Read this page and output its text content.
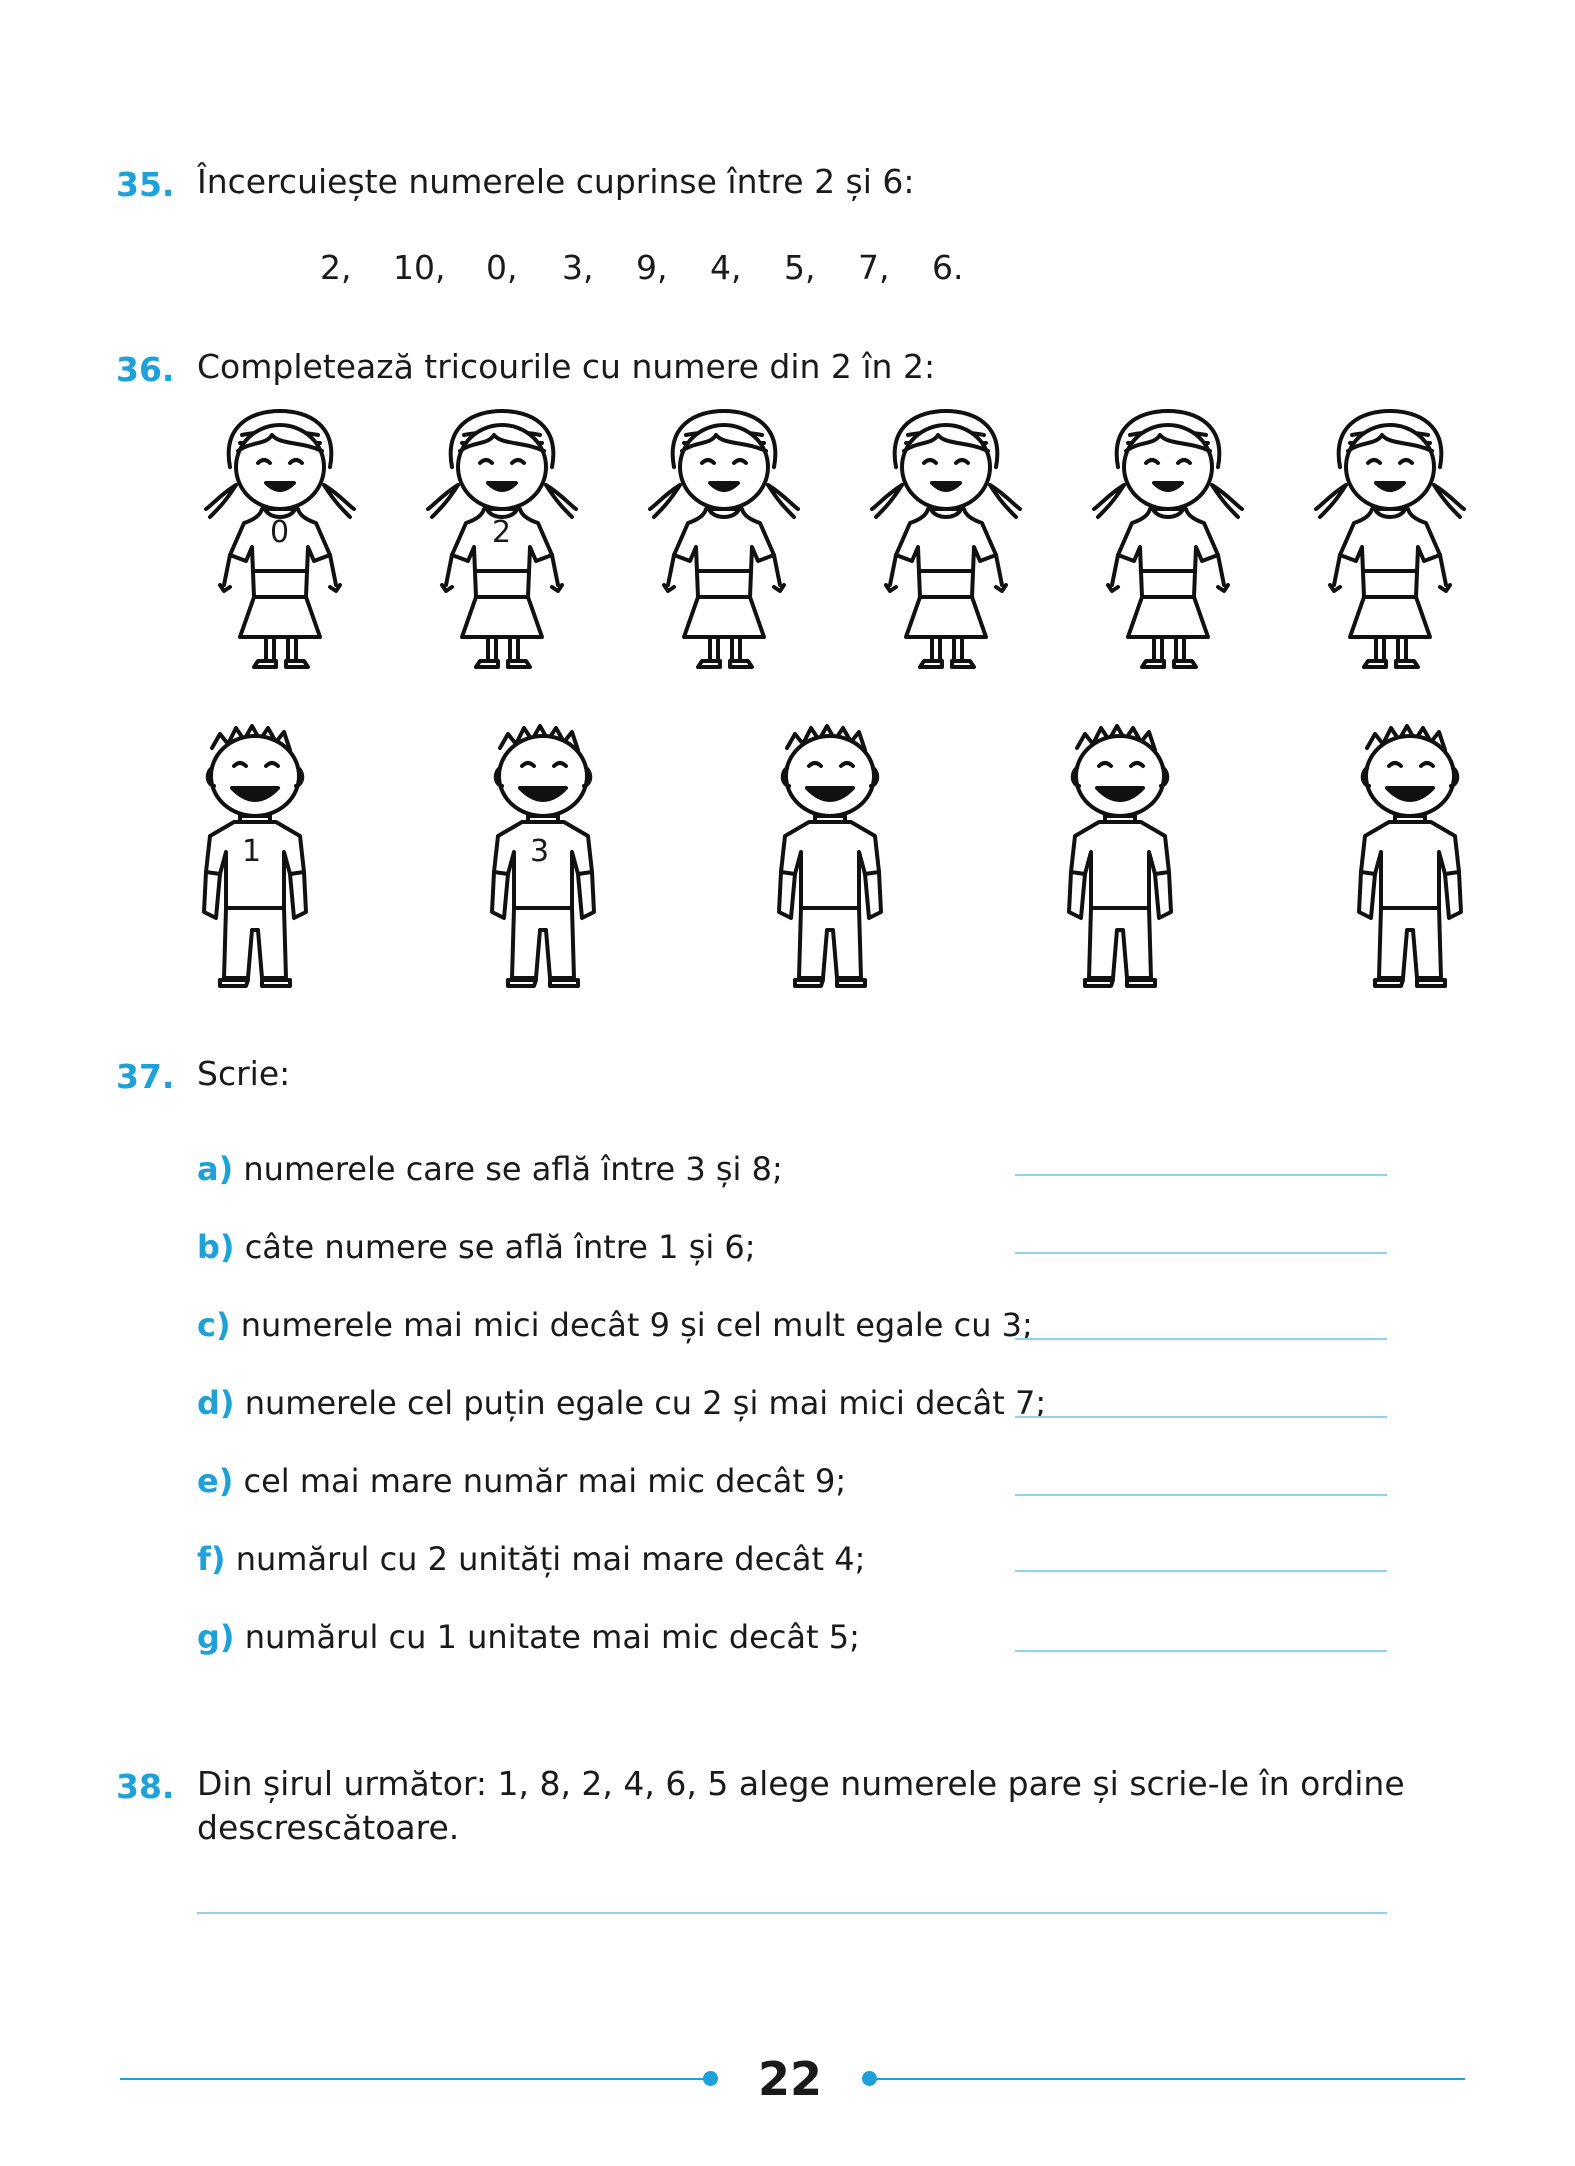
35. Încercuiește numerele cuprinse între 2 și 6:
2, 10, 0, 3, 9, 4, 5, 7, 6.
36. Completează tricourile cu numere din 2 în 2:
0	2
1	3
37. Scrie:
a) numerele care se află între 3 și 8;
b) câte numere se află între 1 și 6;
c) numerele mai mici decât 9 și cel mult egale cu 3;
d) numerele cel puțin egale cu 2 și mai mici decât 7;
e) cel mai mare număr mai mic decât 9;
f) numărul cu 2 unități mai mare decât 4;
g) numărul cu 1 unitate mai mic decât 5;
38. Din șirul următor: 1, 8, 2, 4, 6, 5 alege numerele pare și scrie-le în ordine
descrescătoare.
22
